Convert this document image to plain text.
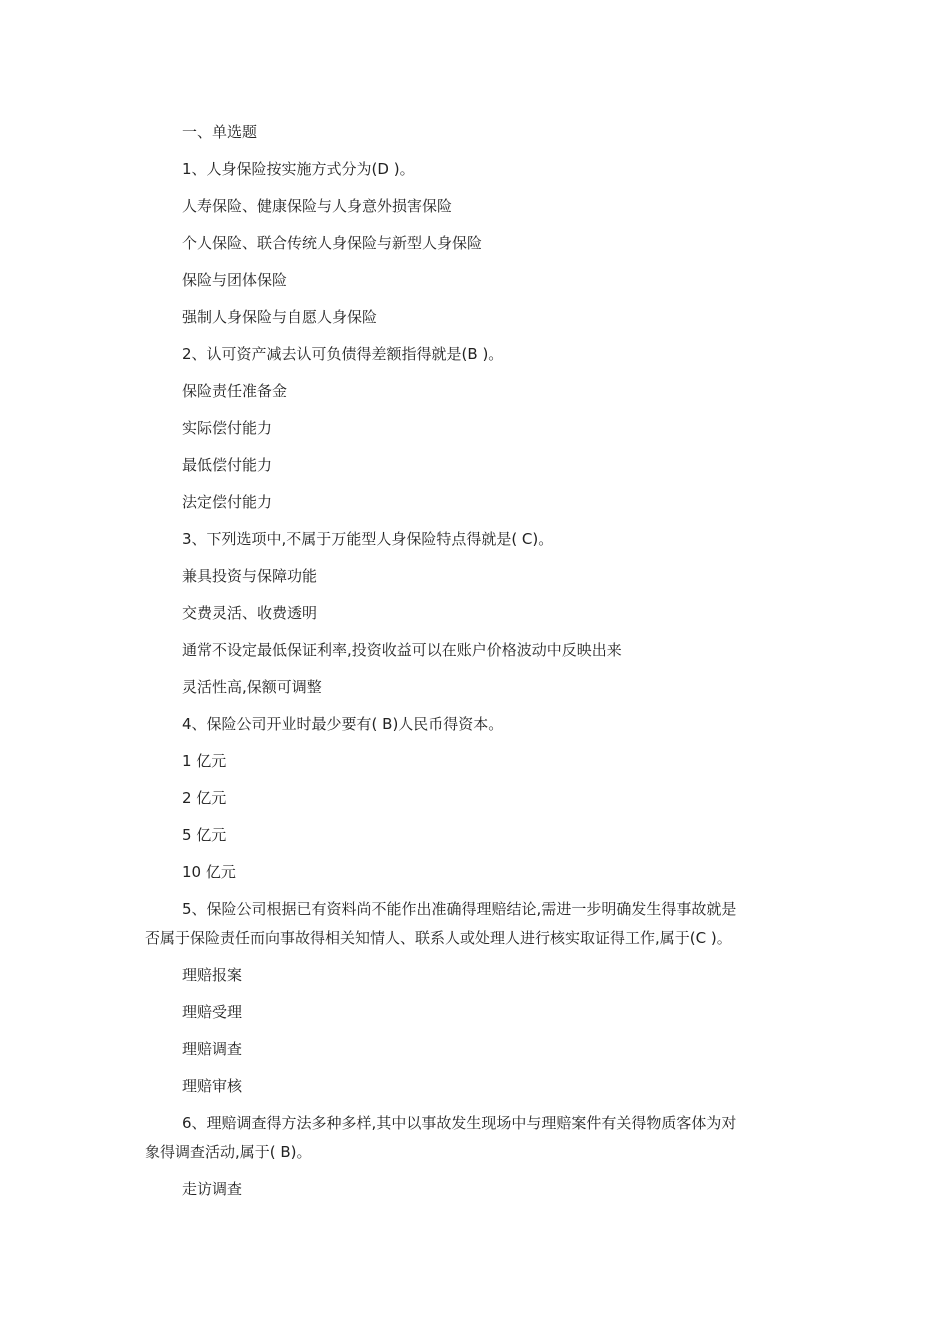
一、单选题

1、人身保险按实施方式分为(D )。

人寿保险、健康保险与人身意外损害保险

个人保险、联合传统人身保险与新型人身保险

保险与团体保险

强制人身保险与自愿人身保险

2、认可资产减去认可负债得差额指得就是(B )。

保险责任准备金

实际偿付能力

最低偿付能力

法定偿付能力

3、下列选项中,不属于万能型人身保险特点得就是( C)。

兼具投资与保障功能

交费灵活、收费透明

通常不设定最低保证利率,投资收益可以在账户价格波动中反映出来

灵活性高,保额可调整

4、保险公司开业时最少要有( B)人民币得资本。

1 亿元

2 亿元

5 亿元

10 亿元

5、保险公司根据已有资料尚不能作出准确得理赔结论,需进一步明确发生得事故就是

否属于保险责任而向事故得相关知情人、联系人或处理人进行核实取证得工作,属于(C )。

理赔报案

理赔受理

理赔调查

理赔审核

6、理赔调查得方法多种多样,其中以事故发生现场中与理赔案件有关得物质客体为对

象得调查活动,属于( B)。

走访调查
